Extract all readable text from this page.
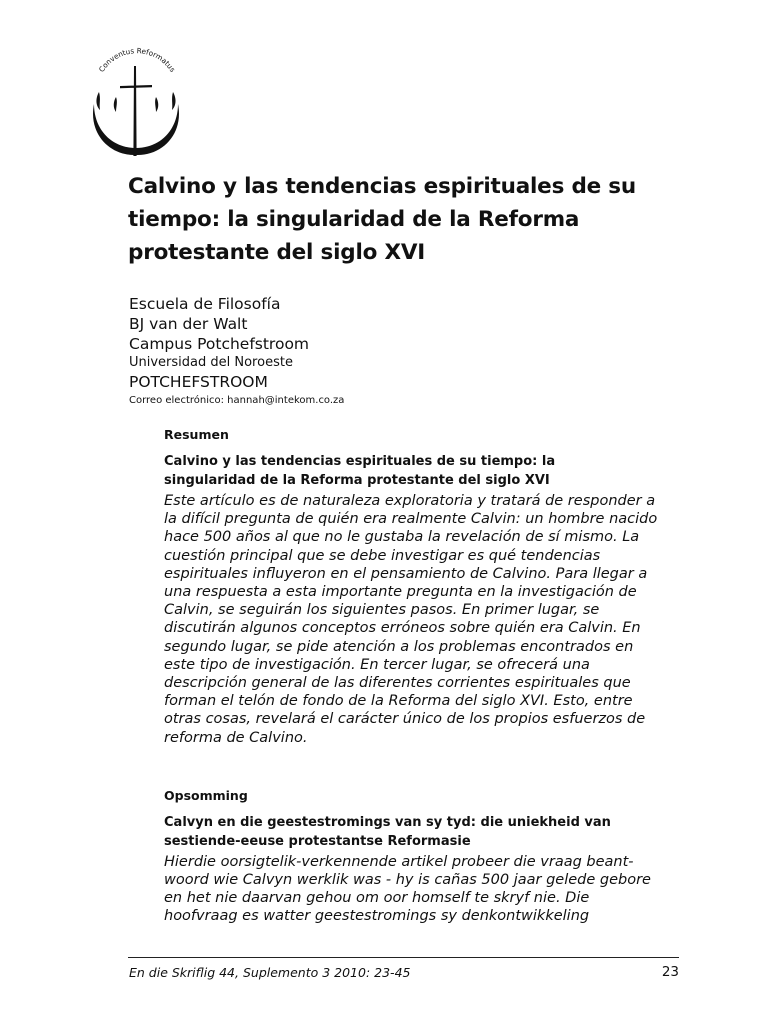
Conventus Reformatus
Calvino y las tendencias espirituales de su
tiempo: la singularidad de la Reforma
protestante del siglo XVI
Escuela de Filosofía
BJ van der Walt
Campus Potchefstroom
Universidad del Noroeste
POTCHEFSTROOM
Correo electrónico: hannah@intekom.co.za

Resumen

Calvino y las tendencias espirituales de su tiempo: la
singularidad de la Reforma protestante del siglo XVI

Este artículo es de naturaleza exploratoria y tratará de responder a
la difícil pregunta de quién era realmente Calvin: un hombre nacido
hace 500 años al que no le gustaba la revelación de sí mismo. La
cuestión principal que se debe investigar es qué tendencias
espirituales influyeron en el pensamiento de Calvino. Para llegar a
una respuesta a esta importante pregunta en la investigación de
Calvin, se seguirán los siguientes pasos. En primer lugar, se
discutirán algunos conceptos erróneos sobre quién era Calvin. En
segundo lugar, se pide atención a los problemas encontrados en
este tipo de investigación. En tercer lugar, se ofrecerá una
descripción general de las diferentes corrientes espirituales que
forman el telón de fondo de la Reforma del siglo XVI. Esto, entre
otras cosas, revelará el carácter único de los propios esfuerzos de
reforma de Calvino.

Opsomming

Calvyn en die geestestromings van sy tyd: die uniekheid van
sestiende-eeuse protestantse Reformasie

Hierdie oorsigtelik-verkennende artikel probeer die vraag beant-
woord wie Calvyn werklik was - hy is cañas 500 jaar gelede gebore
en het nie daarvan gehou om oor homself te skryf nie. Die
hoofvraag es watter geestestromings sy denkontwikkeling

En die Skriflig 44, Suplemento 3 2010: 23-45	23
